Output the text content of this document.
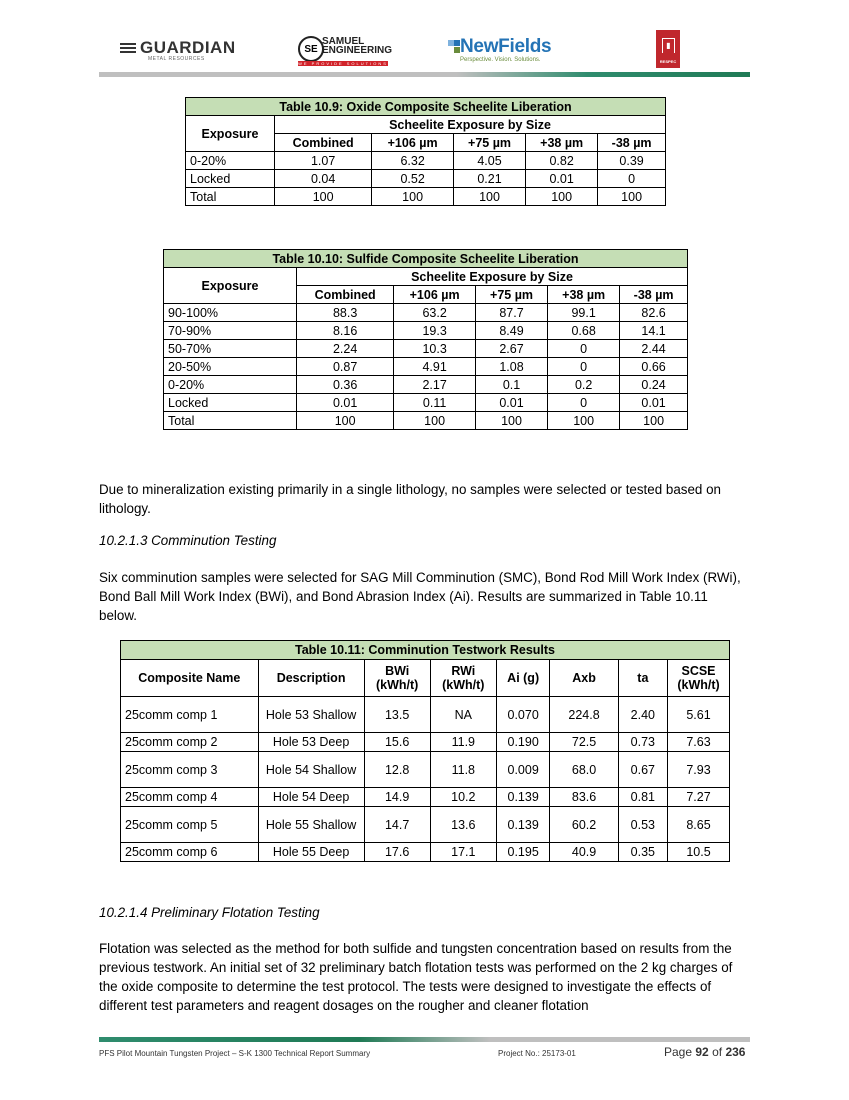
GUARDIAN
METAL RESOURCES
SE
SAMUEL
ENGINEERING
WE PROVIDE SOLUTIONS
NewFields
Perspective. Vision. Solutions.
▮
RESPEC
Table 10.9: Oxide Composite Scheelite Liberation					
Exposure	Scheelite Exposure by Size				
	Combined	+106 µm	+75 µm	+38 µm	-38 µm
0-20%	1.07	6.32	4.05	0.82	0.39
Locked	0.04	0.52	0.21	0.01	0
Total	100	100	100	100	100
Table 10.10: Sulfide Composite Scheelite Liberation					
Exposure	Scheelite Exposure by Size				
	Combined	+106 µm	+75 µm	+38 µm	-38 µm
90-100%	88.3	63.2	87.7	99.1	82.6
70-90%	8.16	19.3	8.49	0.68	14.1
50-70%	2.24	10.3	2.67	0	2.44
20-50%	0.87	4.91	1.08	0	0.66
0-20%	0.36	2.17	0.1	0.2	0.24
Locked	0.01	0.11	0.01	0	0.01
Total	100	100	100	100	100
Due to mineralization existing primarily in a single lithology, no samples were selected or tested based on lithology.
10.2.1.3 Comminution Testing
Six comminution samples were selected for SAG Mill Comminution (SMC), Bond Rod Mill Work Index (RWi), Bond Ball Mill Work Index (BWi), and Bond Abrasion Index (Ai). Results are summarized in Table 10.11 below.
Table 10.11: Comminution Testwork Results							
Composite Name	Description	BWi (kWh/t)	RWi (kWh/t)	Ai (g)	Axb	ta	SCSE (kWh/t)
25comm comp 1	Hole 53 Shallow	13.5	NA	0.070	224.8	2.40	5.61
25comm comp 2	Hole 53 Deep	15.6	11.9	0.190	72.5	0.73	7.63
25comm comp 3	Hole 54 Shallow	12.8	11.8	0.009	68.0	0.67	7.93
25comm comp 4	Hole 54 Deep	14.9	10.2	0.139	83.6	0.81	7.27
25comm comp 5	Hole 55 Shallow	14.7	13.6	0.139	60.2	0.53	8.65
25comm comp 6	Hole 55 Deep	17.6	17.1	0.195	40.9	0.35	10.5
10.2.1.4 Preliminary Flotation Testing
Flotation was selected as the method for both sulfide and tungsten concentration based on results from the previous testwork. An initial set of 32 preliminary batch flotation tests was performed on the 2 kg charges of the oxide composite to determine the test protocol. The tests were designed to investigate the effects of different test parameters and reagent dosages on the rougher and cleaner flotation
PFS Pilot Mountain Tungsten Project – S-K 1300 Technical Report Summary	Project No.: 25173-01	Page 92 of 236
